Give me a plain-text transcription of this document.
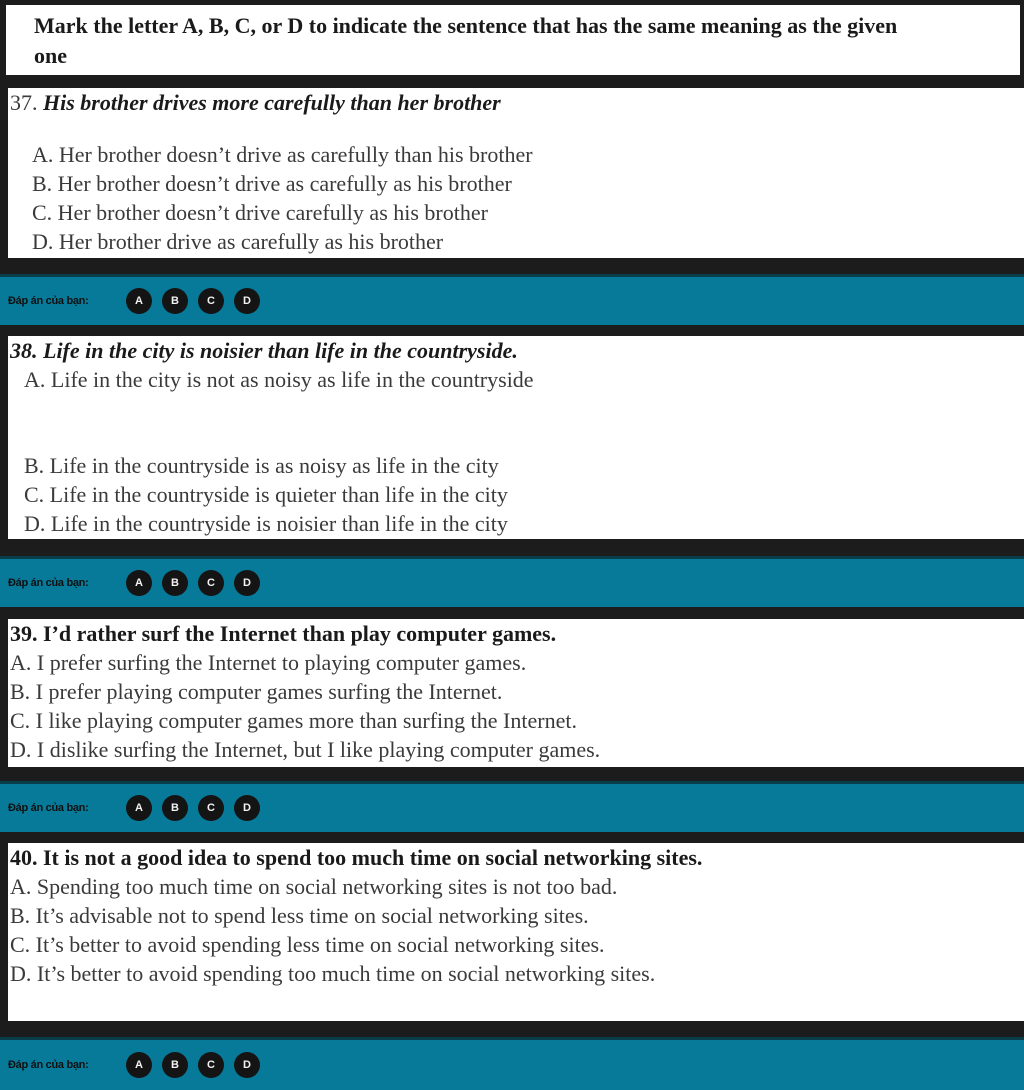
Mark the letter A, B, C, or D to indicate the sentence that has the same meaning as the given
one
37. His brother drives more carefully than her brother
A. Her brother doesn’t drive as carefully than his brother
B. Her brother doesn’t drive as carefully as his brother
C. Her brother doesn’t drive carefully as his brother
D. Her brother drive as carefully as his brother
Đáp án của bạn:	A	B	C	D
38. Life in the city is noisier than life in the countryside.
A. Life in the city is not as noisy as life in the countryside
B. Life in the countryside is as noisy as life in the city
C. Life in the countryside is quieter than life in the city
D. Life in the countryside is noisier than life in the city
Đáp án của bạn:	A	B	C	D
39. I’d rather surf the Internet than play computer games.
A. I prefer surfing the Internet to playing computer games.
B. I prefer playing computer games surfing the Internet.
C. I like playing computer games more than surfing the Internet.
D. I dislike surfing the Internet, but I like playing computer games.
Đáp án của bạn:	A	B	C	D
40. It is not a good idea to spend too much time on social networking sites.
A. Spending too much time on social networking sites is not too bad.
B. It’s advisable not to spend less time on social networking sites.
C. It’s better to avoid spending less time on social networking sites.
D. It’s better to avoid spending too much time on social networking sites.
Đáp án của bạn:	A	B	C	D
